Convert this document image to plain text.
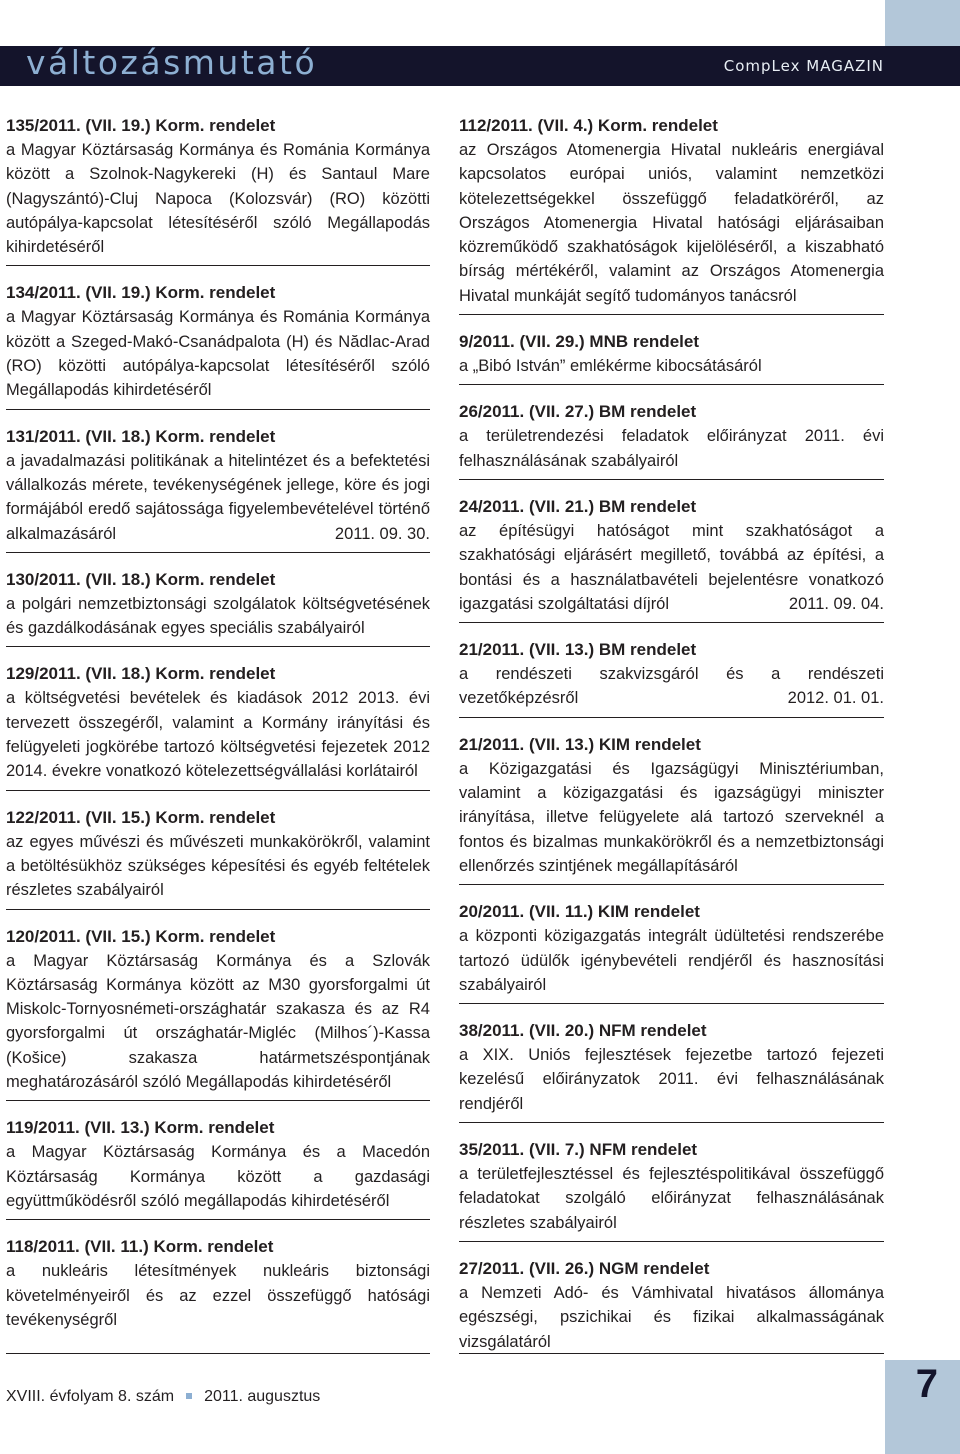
változásmutató	CompLex MAGAZIN
135/2011. (VII. 19.) Korm. rendelet
a Magyar Köztársaság Kormánya és Románia Kormánya között a Szolnok-Nagykereki (H) és Santaul Mare (Nagyszántó)-Cluj Napoca (Kolozsvár) (RO) közötti autópálya-kapcsolat létesítéséről szóló Megállapodás kihirdetéséről
134/2011. (VII. 19.) Korm. rendelet
a Magyar Köztársaság Kormánya és Románia Kormánya között a Szeged-Makó-Csanádpalota (H) és Nădlac-Arad (RO) közötti autópálya-kapcsolat létesítéséről szóló Megállapodás kihirdetéséről
131/2011. (VII. 18.) Korm. rendelet
a javadalmazási politikának a hitelintézet és a befektetési vállalkozás mérete, tevékenységének jellege, köre és jogi formájából eredő sajátossága figyelembevételével történő alkalmazásáról	2011. 09. 30.
130/2011. (VII. 18.) Korm. rendelet
a polgári nemzetbiztonsági szolgálatok költségvetésének és gazdálkodásának egyes speciális szabályairól
129/2011. (VII. 18.) Korm. rendelet
a költségvetési bevételek és kiadások 2012 2013. évi tervezett összegéről, valamint a Kormány irányítási és felügyeleti jogkörébe tartozó költségvetési fejezetek 2012 2014. évekre vonatkozó kötelezettségvállalási korlátairól
122/2011. (VII. 15.) Korm. rendelet
az egyes művészi és művészeti munkakörökről, valamint a betöltésükhöz szükséges képesítési és egyéb feltételek részletes szabályairól
120/2011. (VII. 15.) Korm. rendelet
a Magyar Köztársaság Kormánya és a Szlovák Köztársaság Kormánya között az M30 gyorsforgalmi út Miskolc-Tornyosnémeti-országhatár szakasza és az R4 gyorsforgalmi út országhatár-Migléc (Milhos´)-Kassa (Košice) szakasza határmetszéspontjának meghatározásáról szóló Megállapodás kihirdetéséről
119/2011. (VII. 13.) Korm. rendelet
a Magyar Köztársaság Kormánya és a Macedón Köztársaság Kormánya között a gazdasági együttműködésről szóló megállapodás kihirdetéséről
118/2011. (VII. 11.) Korm. rendelet
a nukleáris létesítmények nukleáris biztonsági követelményeiről és az ezzel összefüggő hatósági tevékenységről
112/2011. (VII. 4.) Korm. rendelet
az Országos Atomenergia Hivatal nukleáris energiával kapcsolatos európai uniós, valamint nemzetközi kötelezettségekkel összefüggő feladatköréről, az Országos Atomenergia Hivatal hatósági eljárásaiban közreműködő szakhatóságok kijelöléséről, a kiszabható bírság mértékéről, valamint az Országos Atomenergia Hivatal munkáját segítő tudományos tanácsról
9/2011. (VII. 29.) MNB rendelet
a „Bibó István” emlékérme kibocsátásáról
26/2011. (VII. 27.) BM rendelet
a területrendezési feladatok előirányzat 2011. évi felhasználásának szabályairól
24/2011. (VII. 21.) BM rendelet
az építésügyi hatóságot mint szakhatóságot a szakhatósági eljárásért megillető, továbbá az építési, a bontási és a használatbavételi bejelentésre vonatkozó igazgatási szolgáltatási díjról	2011. 09. 04.
21/2011. (VII. 13.) BM rendelet
a rendészeti szakvizsgáról és a rendészeti vezetőképzésről	2012. 01. 01.
21/2011. (VII. 13.) KIM rendelet
a Közigazgatási és Igazságügyi Minisztériumban, valamint a közigazgatási és igazságügyi miniszter irányítása, illetve felügyelete alá tartozó szerveknél a fontos és bizalmas munkakörökről és a nemzetbiztonsági ellenőrzés szintjének megállapításáról
20/2011. (VII. 11.) KIM rendelet
a központi közigazgatás integrált üdültetési rendszerébe tartozó üdülők igénybevételi rendjéről és hasznosítási szabályairól
38/2011. (VII. 20.) NFM rendelet
a XIX. Uniós fejlesztések fejezetbe tartozó fejezeti kezelésű előirányzatok 2011. évi felhasználásának rendjéről
35/2011. (VII. 7.) NFM rendelet
a területfejlesztéssel és fejlesztéspolitikával összefüggő feladatokat szolgáló előirányzat felhasználásának részletes szabályairól
27/2011. (VII. 26.) NGM rendelet
a Nemzeti Adó- és Vámhivatal hivatásos állománya egészségi, pszichikai és fizikai alkalmasságának vizsgálatáról
XVIII. évfolyam 8. szám 2011. augusztus	7
